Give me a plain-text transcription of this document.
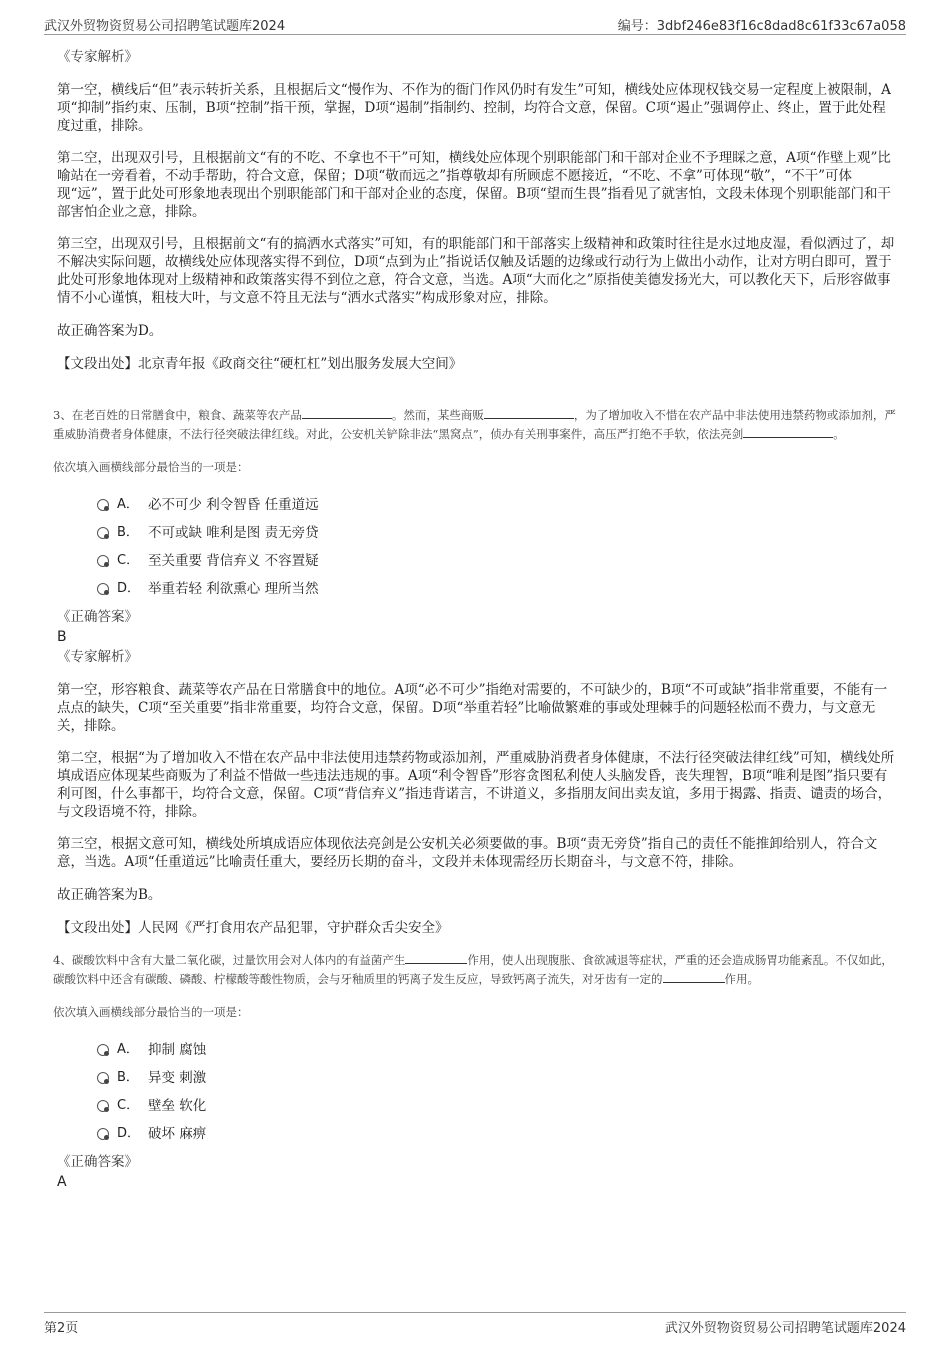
武汉外贸物资贸易公司招聘笔试题库2024	编号：3dbf246e83f16c8dad8c61f33c67a058

《专家解析》

第一空，横线后“但”表示转折关系，且根据后文“慢作为、不作为的衙门作风仍时有发生”可知，横线处应体现权钱交易一定程度上被限制，A项“抑制”指约束、压制，B项“控制”指干预，掌握，D项“遏制”指制约、控制，均符合文意，保留。C项“遏止”强调停止、终止，置于此处程度过重，排除。

第二空，出现双引号，且根据前文“有的不吃、不拿也不干”可知，横线处应体现个别职能部门和干部对企业不予理睬之意，A项“作壁上观”比喻站在一旁看着，不动手帮助，符合文意，保留；D项“敬而远之”指尊敬却有所顾虑不愿接近，“不吃、不拿”可体现“敬”，“不干”可体现“远”，置于此处可形象地表现出个别职能部门和干部对企业的态度，保留。B项“望而生畏”指看见了就害怕，文段未体现个别职能部门和干部害怕企业之意，排除。

第三空，出现双引号，且根据前文“有的搞洒水式落实”可知，有的职能部门和干部落实上级精神和政策时往往是水过地皮湿，看似洒过了，却不解决实际问题，故横线处应体现落实得不到位，D项“点到为止”指说话仅触及话题的边缘或行动行为上做出小动作，让对方明白即可，置于此处可形象地体现对上级精神和政策落实得不到位之意，符合文意，当选。A项“大而化之”原指使美德发扬光大，可以教化天下，后形容做事情不小心谨慎，粗枝大叶，与文意不符且无法与“洒水式落实”构成形象对应，排除。

故正确答案为D。

【文段出处】北京青年报《政商交往“硬杠杠”划出服务发展大空间》

3、在老百姓的日常膳食中，粮食、蔬菜等农产品	。然而，某些商贩	，为了增加收入不惜在农产品中非法使用违禁药物或添加剂，严重威胁消费者身体健康，不法行径突破法律红线。对此，公安机关铲除非法“黑窝点”，侦办有关刑事案件，高压严打绝不手软，依法亮剑	。

依次填入画横线部分最恰当的一项是：

A． 必不可少 利令智昏 任重道远
B． 不可或缺 唯利是图 责无旁贷
C． 至关重要 背信弃义 不容置疑
D． 举重若轻 利欲熏心 理所当然

《正确答案》

B

《专家解析》

第一空，形容粮食、蔬菜等农产品在日常膳食中的地位。A项“必不可少”指绝对需要的，不可缺少的，B项“不可或缺”指非常重要，不能有一点点的缺失，C项“至关重要”指非常重要，均符合文意，保留。D项“举重若轻”比喻做繁难的事或处理棘手的问题轻松而不费力，与文意无关，排除。

第二空，根据“为了增加收入不惜在农产品中非法使用违禁药物或添加剂，严重威胁消费者身体健康，不法行径突破法律红线”可知，横线处所填成语应体现某些商贩为了利益不惜做一些违法违规的事。A项“利令智昏”形容贪图私利使人头脑发昏，丧失理智，B项“唯利是图”指只要有利可图，什么事都干，均符合文意，保留。C项“背信弃义”指违背诺言，不讲道义，多指朋友间出卖友谊，多用于揭露、指责、谴责的场合，与文段语境不符，排除。

第三空，根据文意可知，横线处所填成语应体现依法亮剑是公安机关必须要做的事。B项“责无旁贷”指自己的责任不能推卸给别人，符合文意，当选。A项“任重道远”比喻责任重大，要经历长期的奋斗，文段并未体现需经历长期奋斗，与文意不符，排除。

故正确答案为B。

【文段出处】人民网《严打食用农产品犯罪，守护群众舌尖安全》

4、碳酸饮料中含有大量二氧化碳，过量饮用会对人体内的有益菌产生	作用，使人出现腹胀、食欲减退等症状，严重的还会造成肠胃功能紊乱。不仅如此，碳酸饮料中还含有碳酸、磷酸、柠檬酸等酸性物质，会与牙釉质里的钙离子发生反应，导致钙离子流失，对牙齿有一定的	作用。

依次填入画横线部分最恰当的一项是：

A． 抑制 腐蚀
B． 异变 刺激
C． 壁垒 软化
D． 破坏 麻痹

《正确答案》

A

第2页	武汉外贸物资贸易公司招聘笔试题库2024
